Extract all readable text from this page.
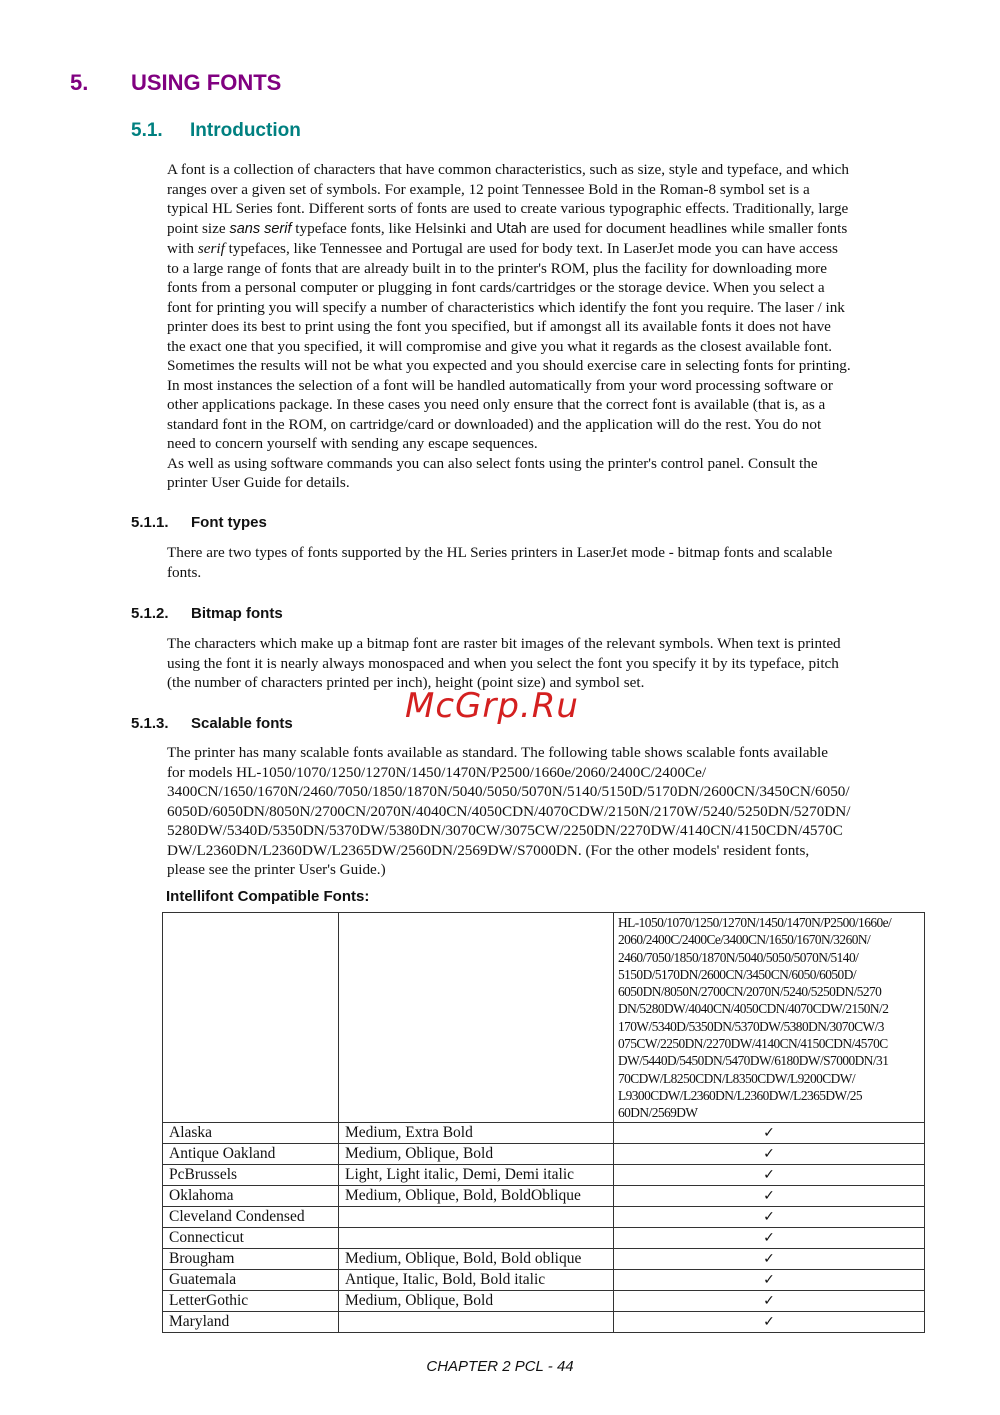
5. USING FONTS
5.1. Introduction
A font is a collection of characters that have common characteristics, such as size, style and typeface, and which
ranges over a given set of symbols. For example, 12 point Tennessee Bold in the Roman-8 symbol set is a
typical HL Series font. Different sorts of fonts are used to create various typographic effects. Traditionally, large
point size sans serif typeface fonts, like Helsinki and Utah are used for document headlines while smaller fonts
with serif typefaces, like Tennessee and Portugal are used for body text. In LaserJet mode you can have access
to a large range of fonts that are already built in to the printer's ROM, plus the facility for downloading more
fonts from a personal computer or plugging in font cards/cartridges or the storage device. When you select a
font for printing you will specify a number of characteristics which identify the font you require. The laser / ink
printer does its best to print using the font you specified, but if amongst all its available fonts it does not have
the exact one that you specified, it will compromise and give you what it regards as the closest available font.
Sometimes the results will not be what you expected and you should exercise care in selecting fonts for printing.
In most instances the selection of a font will be handled automatically from your word processing software or
other applications package. In these cases you need only ensure that the correct font is available (that is, as a
standard font in the ROM, on cartridge/card or downloaded) and the application will do the rest. You do not
need to concern yourself with sending any escape sequences.
As well as using software commands you can also select fonts using the printer's control panel. Consult the
printer User Guide for details.
5.1.1. Font types
There are two types of fonts supported by the HL Series printers in LaserJet mode - bitmap fonts and scalable
fonts.
5.1.2. Bitmap fonts
The characters which make up a bitmap font are raster bit images of the relevant symbols. When text is printed
using the font it is nearly always monospaced and when you select the font you specify it by its typeface, pitch
(the number of characters printed per inch), height (point size) and symbol set.
5.1.3. Scalable fonts
The printer has many scalable fonts available as standard. The following table shows scalable fonts available
for models HL-1050/1070/1250/1270N/1450/1470N/P2500/1660e/2060/2400C/2400Ce/
3400CN/1650/1670N/2460/7050/1850/1870N/5040/5050/5070N/5140/5150D/5170DN/2600CN/3450CN/6050/
6050D/6050DN/8050N/2700CN/2070N/4040CN/4050CDN/4070CDW/2150N/2170W/5240/5250DN/5270DN/
5280DW/5340D/5350DN/5370DW/5380DN/3070CW/3075CW/2250DN/2270DW/4140CN/4150CDN/4570C
DW/L2360DN/L2360DW/L2365DW/2560DN/2569DW/S7000DN. (For the other models' resident fonts,
please see the printer User's Guide.)
McGrp.Ru
Intellifont Compatible Fonts:

HL-1050/1070/1250/1270N/1450/1470N/P2500/1660e/
2060/2400C/2400Ce/3400CN/1650/1670N/3260N/
2460/7050/1850/1870N/5040/5050/5070N/5140/
5150D/5170DN/2600CN/3450CN/6050/6050D/
6050DN/8050N/2700CN/2070N/5240/5250DN/5270
DN/5280DW/4040CN/4050CDN/4070CDW/2150N/2
170W/5340D/5350DN/5370DW/5380DN/3070CW/3
075CW/2250DN/2270DW/4140CN/4150CDN/4570C
DW/5440D/5450DN/5470DW/6180DW/S7000DN/31
70CDW/L8250CDN/L8350CDW/L9200CDW/
L9300CDW/L2360DN/L2360DW/L2365DW/25
60DN/2569DW

Alaska	Medium, Extra Bold	✓
Antique Oakland	Medium, Oblique, Bold	✓
PcBrussels	Light, Light italic, Demi, Demi italic	✓
Oklahoma	Medium, Oblique, Bold, BoldOblique	✓
Cleveland Condensed		✓
Connecticut		✓
Brougham	Medium, Oblique, Bold, Bold oblique	✓
Guatemala	Antique, Italic, Bold, Bold italic	✓
LetterGothic	Medium, Oblique, Bold	✓
Maryland		✓
CHAPTER 2 PCL - 44
